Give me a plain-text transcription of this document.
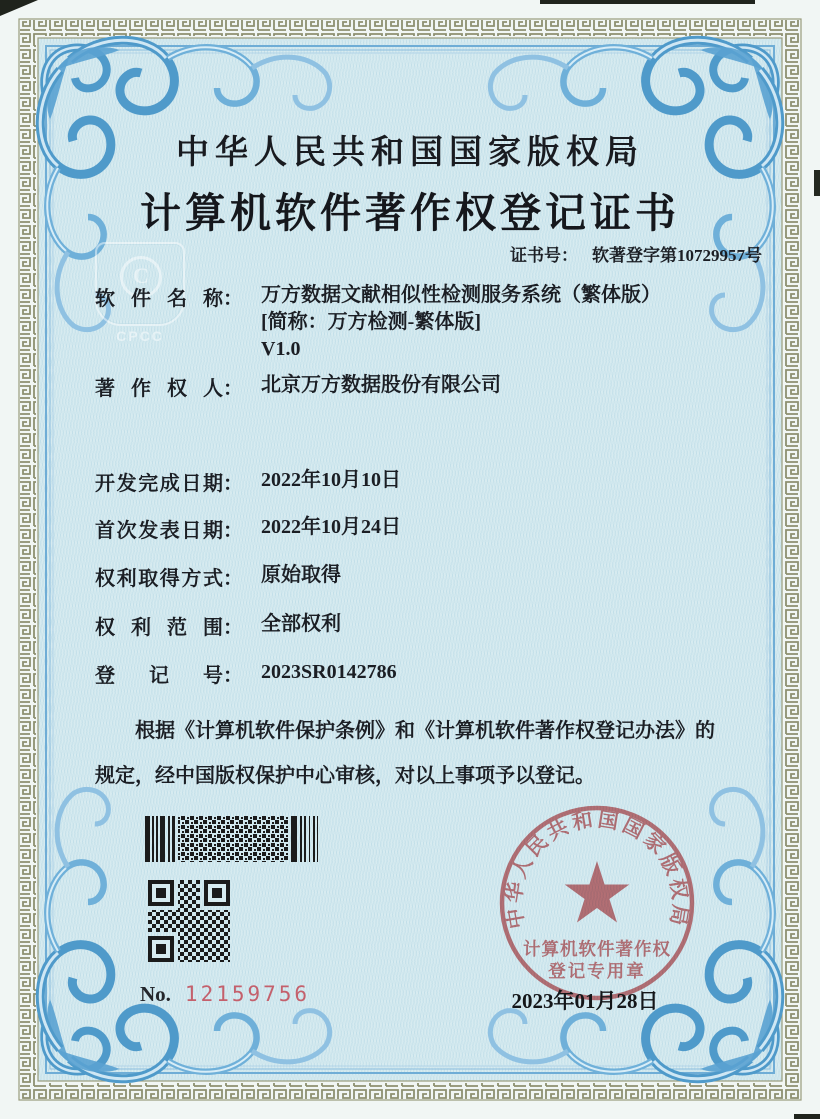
C
CPCC
中华人民共和国国家版权局
计算机软件著作权登记证书
证书号： 软著登字第10729957号
软 件 名 称 ： 万方数据文献相似性检测服务系统（繁体版）
[简称：万方检测-繁体版]
V1.0
著 作 权 人 ： 北京万方数据股份有限公司
开发完成日期 ： 2022年10月10日
首次发表日期 ： 2022年10月24日
权利取得方式 ： 原始取得
权 利 范 围 ： 全部权利
登 记 号 ： 2023SR0142786
根据《计算机软件保护条例》和《计算机软件著作权登记办法》的
规定，经中国版权保护中心审核，对以上事项予以登记。
No. 12159756
中华人民共和国国家版权局
计算机软件著作权
登记专用章
2023年01月28日
